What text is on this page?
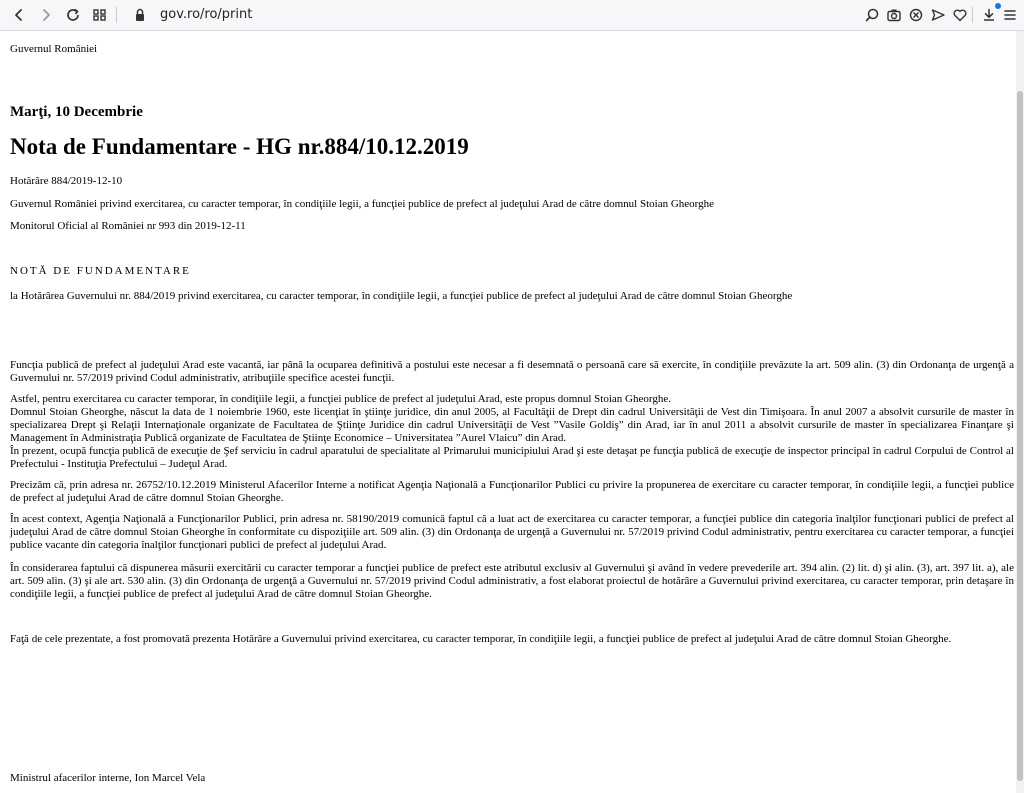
gov.ro/ro/print

Guvernul României

Marţi, 10 Decembrie

Nota de Fundamentare - HG nr.884/10.12.2019

Hotărâre 884/2019-12-10

Guvernul României privind exercitarea, cu caracter temporar, în condiţiile legii, a funcţiei publice de prefect al judeţului Arad de către domnul Stoian Gheorghe

Monitorul Oficial al României nr 993 din 2019-12-11

NOTĂ DE FUNDAMENTARE

la Hotărârea Guvernului nr. 884/2019 privind exercitarea, cu caracter temporar, în condiţiile legii, a funcţiei publice de prefect al judeţului Arad de către domnul Stoian Gheorghe

Funcţia publică de prefect al judeţului Arad este vacantă, iar până la ocuparea definitivă a postului este necesar a fi desemnată o persoană care să exercite, în condiţiile prevăzute la art. 509 alin. (3) din Ordonanţa de urgenţă a Guvernului nr. 57/2019 privind Codul administrativ, atribuţiile specifice acestei funcţii.

Astfel, pentru exercitarea cu caracter temporar, în condiţiile legii, a funcţiei publice de prefect al judeţului Arad, este propus domnul Stoian Gheorghe.

Domnul Stoian Gheorghe, născut la data de 1 noiembrie 1960, este licenţiat în ştiinţe juridice, din anul 2005, al Facultăţii de Drept din cadrul Universităţii de Vest din Timişoara. În anul 2007 a absolvit cursurile de master în specializarea Drept şi Relaţii Internaţionale organizate de Facultatea de Ştiinţe Juridice din cadrul Universităţii de Vest ”Vasile Goldiş” din Arad, iar în anul 2011 a absolvit cursurile de master în specializarea Finanţare şi Management în Administraţia Publică organizate de Facultatea de Ştiinţe Economice – Universitatea ”Aurel Vlaicu” din Arad.

În prezent, ocupă funcţia publică de execuţie de Şef serviciu în cadrul aparatului de specialitate al Primarului municipiului Arad şi este detaşat pe funcţia publică de execuţie de inspector principal în cadrul Corpului de Control al Prefectului - Instituţia Prefectului – Judeţul Arad.

Precizăm că, prin adresa nr. 26752/10.12.2019 Ministerul Afacerilor Interne a notificat Agenţia Naţională a Funcţionarilor Publici cu privire la propunerea de exercitare cu caracter temporar, în condiţiile legii, a funcţiei publice de prefect al judeţului Arad de către domnul Stoian Gheorghe.

În acest context, Agenţia Naţională a Funcţionarilor Publici, prin adresa nr. 58190/2019 comunică faptul că a luat act de exercitarea cu caracter temporar, a funcţiei publice din categoria înalţilor funcţionari publici de prefect al judeţului Arad de către domnul Stoian Gheorghe în conformitate cu dispoziţiile art. 509 alin. (3) din Ordonanţa de urgenţă a Guvernului nr. 57/2019 privind Codul administrativ, pentru exercitarea cu caracter temporar, a funcţiei publice vacante din categoria înalţilor funcţionari publici de prefect al judeţului Arad.

În considerarea faptului că dispunerea măsurii exercitării cu caracter temporar a funcţiei publice de prefect este atributul exclusiv al Guvernului şi având în vedere prevederile art. 394 alin. (2) lit. d) şi alin. (3), art. 397 lit. a), ale art. 509 alin. (3) şi ale art. 530 alin. (3) din Ordonanţa de urgenţă a Guvernului nr. 57/2019 privind Codul administrativ, a fost elaborat proiectul de hotărâre a Guvernului privind exercitarea, cu caracter temporar, prin detaşare în condiţiile legii, a funcţiei publice de prefect al judeţului Arad de către domnul Stoian Gheorghe.

Faţă de cele prezentate, a fost promovată prezenta Hotărâre a Guvernului privind exercitarea, cu caracter temporar, în condiţiile legii, a funcţiei publice de prefect al judeţului Arad de către domnul Stoian Gheorghe.

Ministrul afacerilor interne, Ion Marcel Vela
